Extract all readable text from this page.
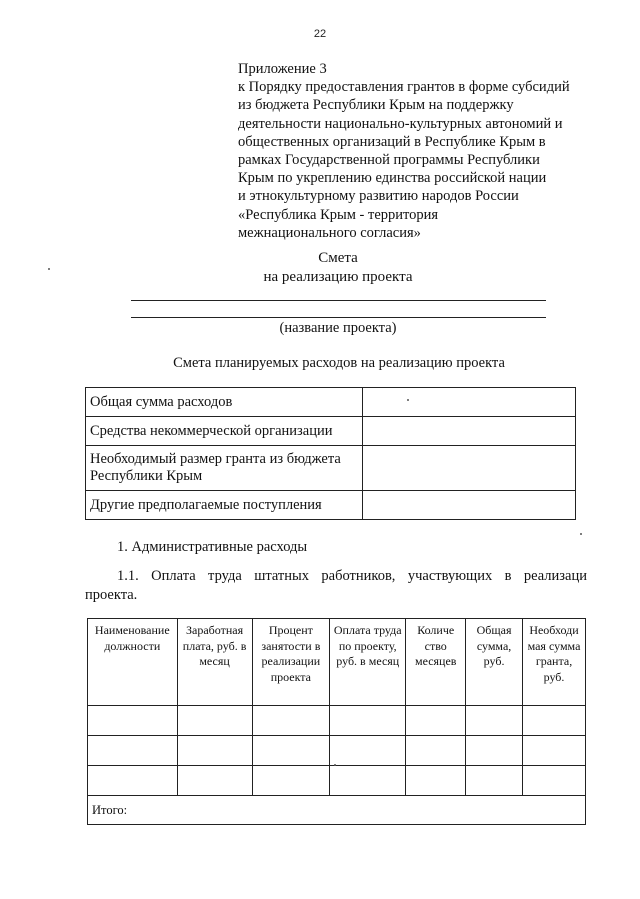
22
Приложение 3
к Порядку предоставления грантов в форме субсидий
из бюджета Республики Крым на поддержку
деятельности национально-культурных автономий и
общественных организаций в Республике Крым в
рамках Государственной программы Республики
Крым по укреплению единства российской нации
и этнокультурному развитию народов России
«Республика Крым - территория
межнационального согласия»
Смета
на реализацию проекта
(название проекта)
Смета планируемых расходов на реализацию проекта
Общая сумма расходов	
Средства некоммерческой организации	
Необходимый размер гранта из бюджета Республики Крым	
Другие предполагаемые поступления	
1. Административные расходы
1.1. Оплата труда штатных работников, участвующих в реализаци
проекта.
Наименование должности	Заработная плата, руб. в месяц	Процент занятости в реализации проекта	Оплата труда по проекту, руб. в месяц	Количе ство месяцев	Общая сумма, руб.	Необходи мая сумма гранта, руб.

Итого:						
